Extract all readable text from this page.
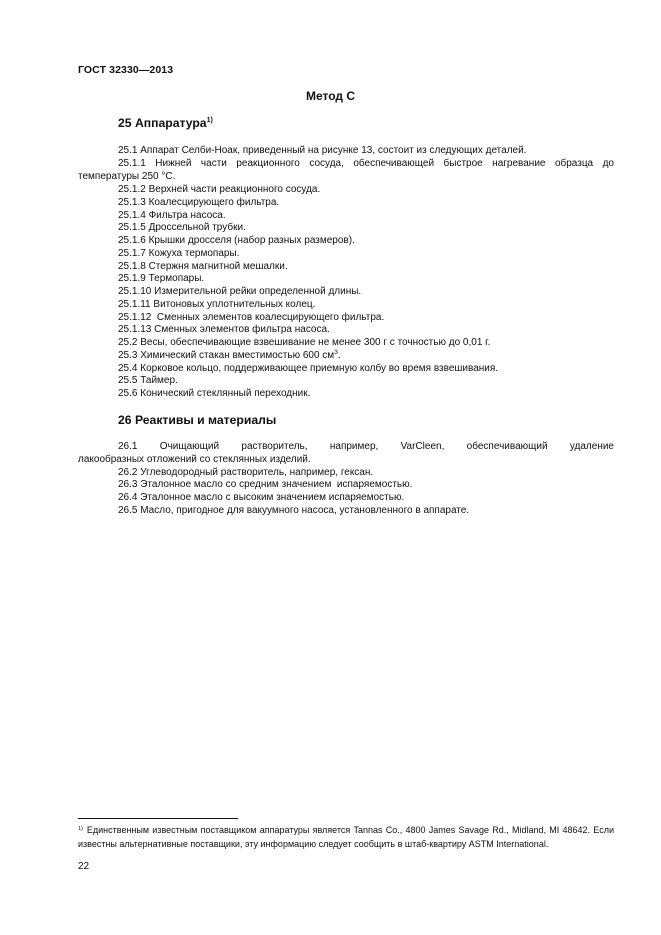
ГОСТ 32330—2013
Метод С
25 Аппаратура$^{1)}$
25.1 Аппарат Селби-Ноак, приведенный на рисунке 13, состоит из следующих деталей.
25.1.1 Нижней части реакционного сосуда, обеспечивающей быстрое нагревание образца до
температуры 250 °С.
25.1.2 Верхней части реакционного сосуда.
25.1.3 Коалесцирующего фильтра.
25.1.4 Фильтра насоса.
25.1.5 Дроссельной трубки.
25.1.6 Крышки дросселя (набор разных размеров).
25.1.7 Кожуха термопары.
25.1.8 Стержня магнитной мешалки.
25.1.9 Термопары.
25.1.10 Измерительной рейки определенной длины.
25.1.11 Витоновых уплотнительных колец.
25.1.12  Сменных элементов коалесцирующего фильтра.
25.1.13 Сменных элементов фильтра насоса.
25.2 Весы, обеспечивающие взвешивание не менее 300 г с точностью до 0,01 г.
25.3 Химический стакан вместимостью 600 $см^3$.
25.4 Корковое кольцо, поддерживающее приемную колбу во время взвешивания.
25.5 Таймер.
25.6 Конический стеклянный переходник.
26 Реактивы и материалы
26.1 Очищающий растворитель, например, VarCleen, обеспечивающий удаление
лакообразных отложений со стеклянных изделий.
26.2 Углеводородный растворитель, например, гексан.
26.3 Эталонное масло со средним значением  испаряемостью.
26.4 Эталонное масло с высоким значением испаряемостью.
26.5 Масло, пригодное для вакуумного насоса, установленного в аппарате.
$^{1)}$ Единственным известным поставщиком аппаратуры является Tannas Co., 4800 James Savage Rd., Midland, MI 48642. Если известны альтернативные поставщики, эту информацию следует сообщить в штаб-квартиру ASTM International.
22
